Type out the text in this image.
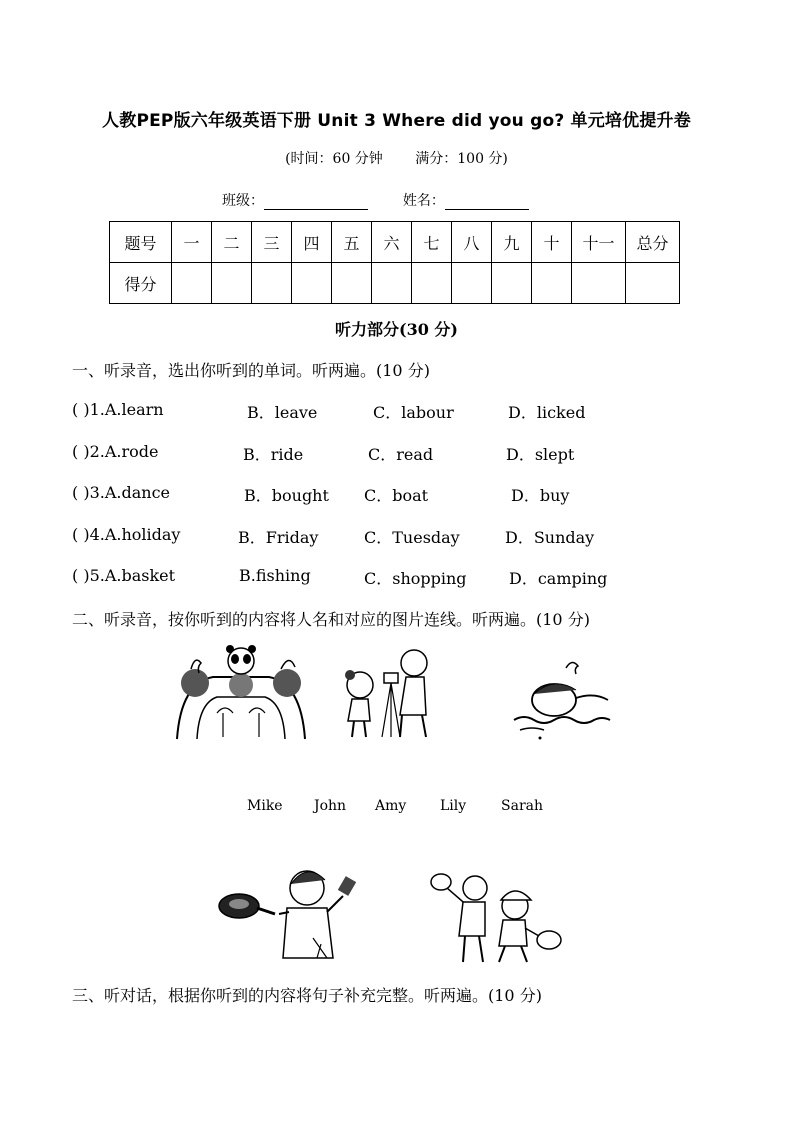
人教PEP版六年级英语下册 Unit 3 Where did you go? 单元培优提升卷
(时间：60 分钟 满分：100 分)
班级：	姓名：
题号	一	二	三	四	五	六	七	八	九	十	十一	总分
得分												
听力部分(30 分)
一、听录音，选出你听到的单词。听两遍。(10 分)
( )1.A.learn	B．leave	C．labour	D．licked
( )2.A.rode	B．ride	C．read	D．slept
( )3.A.dance	B．bought C．boat	D．buy
( )4.A.holiday	B．Friday	C．Tuesday	D．Sunday
( )5.A.basket	B.fishing	C．shopping	D．camping
二、听录音，按你听到的内容将人名和对应的图片连线。听两遍。(10 分)
Mike John Amy Lily Sarah
三、听对话，根据你听到的内容将句子补充完整。听两遍。(10 分)
